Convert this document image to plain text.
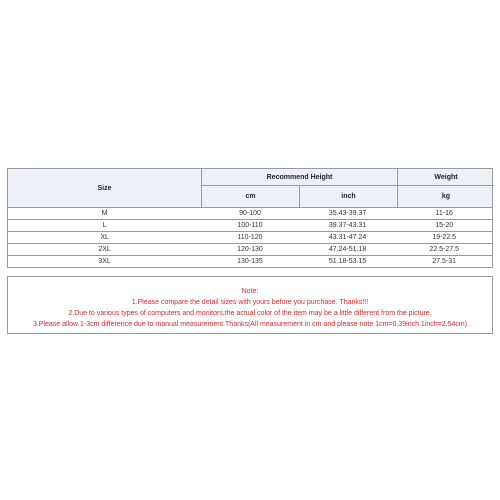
Size
Recommend Height	Weight
cm	inch	kg
M	90-100	35.43-39.37	11-16
L	100-110	39.37-43.31	15-20
XL	110-120	43.31-47.24	19-22.5
2XL	120-130	47.24-51.18	22.5-27.5
3XL	130-135	51.18-53.15	27.5-31
Note:
1.Please compare the detail sizes with yours before you purchase. Thanks!!!
2.Due to various types of computers and monitors,the actual color of the item may be a little different from the picture.
3.Please allow 1-3cm difference due to manual measurement.Thanks(All measurement in cm and please note 1cm=0.39inch 1inch=2.54cm)
